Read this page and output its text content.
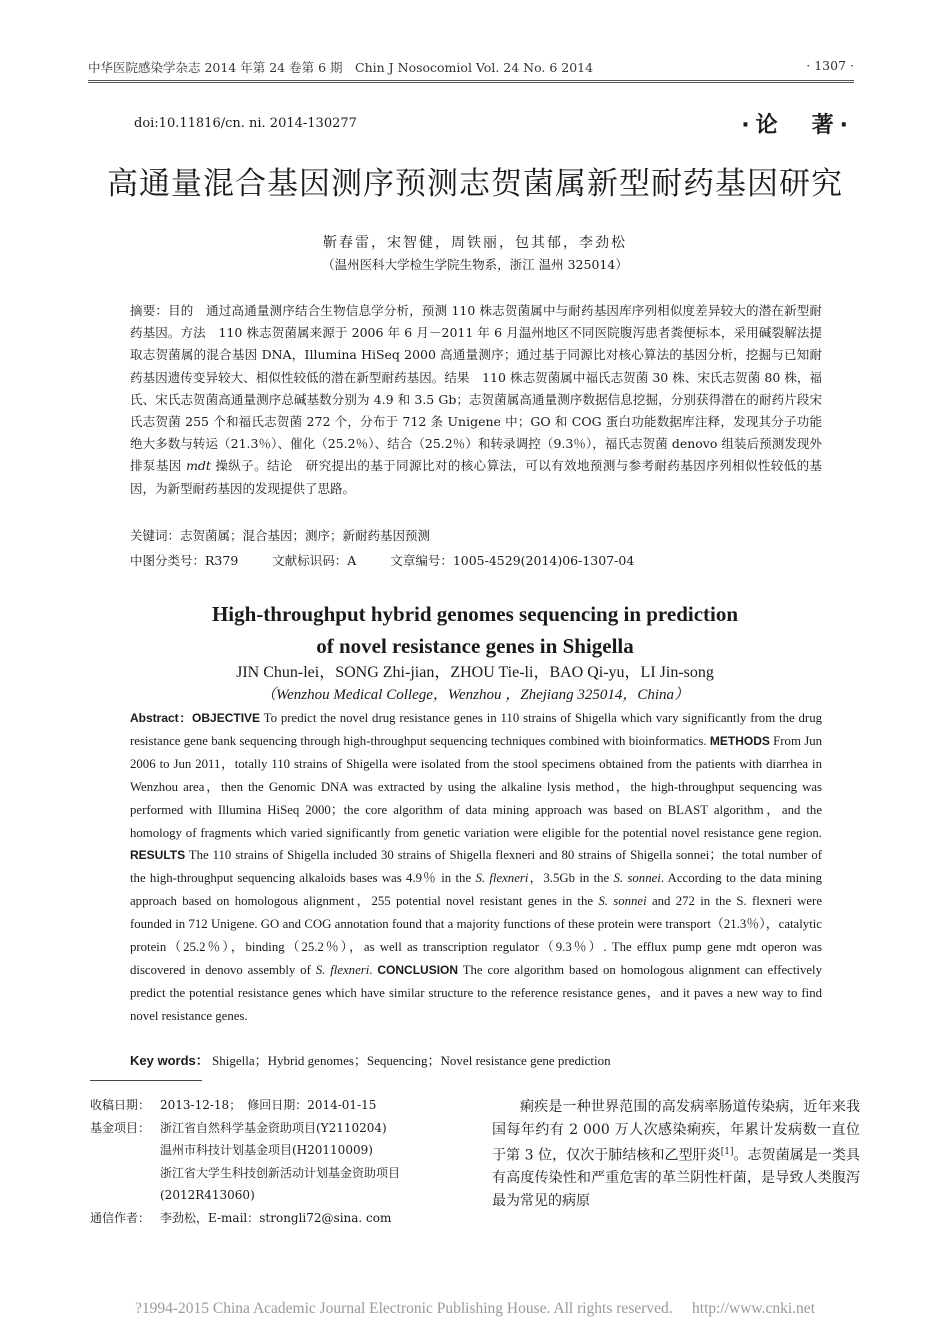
中华医院感染学杂志 2014 年第 24 卷第 6 期　Chin J Nosocomiol Vol. 24 No. 6 2014	· 1307 ·
doi:10.11816/cn. ni. 2014-130277	·论　著·
高通量混合基因测序预测志贺菌属新型耐药基因研究
靳春雷，宋智健，周铁丽，包其郁，李劲松
（温州医科大学检生学院生物系，浙江 温州 325014）
摘要：目的　通过高通量测序结合生物信息学分析，预测 110 株志贺菌属中与耐药基因库序列相似度差异较大的潜在新型耐药基因。方法　110 株志贺菌属来源于 2006 年 6 月－2011 年 6 月温州地区不同医院腹泻患者粪便标本，采用碱裂解法提取志贺菌属的混合基因 DNA，Illumina HiSeq 2000 高通量测序；通过基于同源比对核心算法的基因分析，挖掘与已知耐药基因遗传变异较大、相似性较低的潜在新型耐药基因。结果　110 株志贺菌属中福氏志贺菌 30 株、宋氏志贺菌 80 株，福氏、宋氏志贺菌高通量测序总碱基数分别为 4.9 和 3.5 Gb；志贺菌属高通量测序数据信息挖掘，分别获得潜在的耐药片段宋氏志贺菌 255 个和福氏志贺菌 272 个，分布于 712 条 Unigene 中；GO 和 COG 蛋白功能数据库注释，发现其分子功能绝大多数与转运（21.3％）、催化（25.2％）、结合（25.2％）和转录调控（9.3％），福氏志贺菌 denovo 组装后预测发现外排泵基因 mdt 操纵子。结论　研究提出的基于同源比对的核心算法，可以有效地预测与参考耐药基因序列相似性较低的基因，为新型耐药基因的发现提供了思路。
关键词：志贺菌属；混合基因；测序；新耐药基因预测
中图分类号：R379	文献标识码：A	文章编号：1005-4529(2014)06-1307-04
High-throughput hybrid genomes sequencing in prediction
of novel resistance genes in Shigella
JIN Chun-lei，SONG Zhi-jian，ZHOU Tie-li，BAO Qi-yu，LI Jin-song
（Wenzhou Medical College，Wenzhou ，Zhejiang 325014，China）
Abstract：OBJECTIVE To predict the novel drug resistance genes in 110 strains of Shigella which vary significantly from the drug resistance gene bank sequencing through high-throughput sequencing techniques combined with bioinformatics. METHODS From Jun 2006 to Jun 2011，totally 110 strains of Shigella were isolated from the stool specimens obtained from the patients with diarrhea in Wenzhou area，then the Genomic DNA was extracted by using the alkaline lysis method，the high-throughput sequencing was performed with Illumina HiSeq 2000；the core algorithm of data mining approach was based on BLAST algorithm，and the homology of fragments which varied significantly from genetic variation were eligible for the potential novel resistance gene region. RESULTS The 110 strains of Shigella included 30 strains of Shigella flexneri and 80 strains of Shigella sonnei；the total number of the high-throughput sequencing alkaloids bases was 4.9％ in the S. flexneri，3.5Gb in the S. sonnei. According to the data mining approach based on homologous alignment，255 potential novel resistant genes in the S. sonnei and 272 in the S. flexneri were founded in 712 Unigene. GO and COG annotation found that a majority functions of these protein were transport（21.3％），catalytic protein（25.2％），binding（25.2％），as well as transcription regulator（9.3％）. The efflux pump gene mdt operon was discovered in denovo assembly of S. flexneri. CONCLUSION The core algorithm based on homologous alignment can effectively predict the potential resistance genes which have similar structure to the reference resistance genes，and it paves a new way to find novel resistance genes.
Key words： Shigella；Hybrid genomes；Sequencing；Novel resistance gene prediction
收稿日期： 2013-12-18；　修回日期：2014-01-15
基金项目： 浙江省自然科学基金资助项目(Y2110204)
温州市科技计划基金项目(H20110009)
浙江省大学生科技创新活动计划基金资助项目(2012R413060)
通信作者： 李劲松，E-mail：strongli72@sina. com
痢疾是一种世界范围的高发病率肠道传染病，近年来我国每年约有 2 000 万人次感染痢疾，年累计发病数一直位于第 3 位，仅次于肺结核和乙型肝炎[1]。志贺菌属是一类具有高度传染性和严重危害的革兰阴性杆菌，是导致人类腹泻最为常见的病原
?1994-2015 China Academic Journal Electronic Publishing House. All rights reserved.　 http://www.cnki.net
